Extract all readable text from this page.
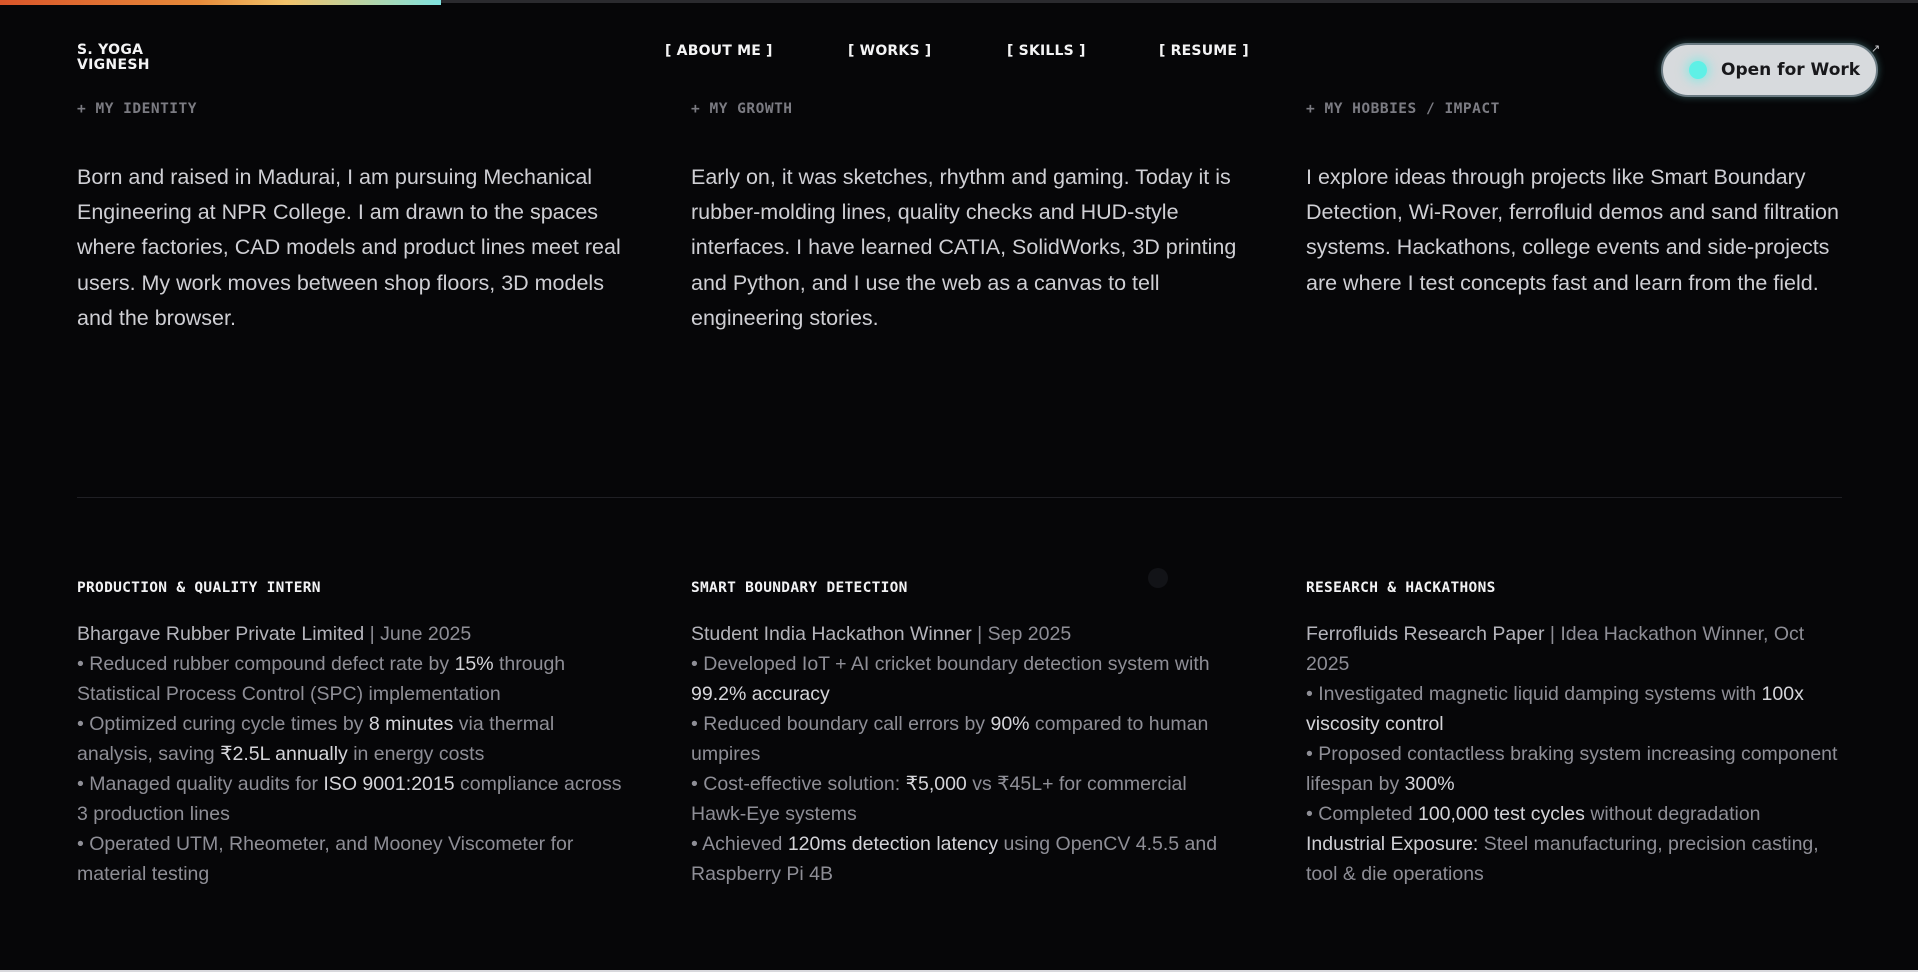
S. YOGA
VIGNESH
[ ABOUT ME ]	[ WORKS ]	[ SKILLS ]	[ RESUME ]
Open for Work
↗
+ MY IDENTITY
Born and raised in Madurai, I am pursuing Mechanical Engineering at NPR College. I am drawn to the spaces where factories, CAD models and product lines meet real users. My work moves between shop floors, 3D models and the browser.
+ MY GROWTH
Early on, it was sketches, rhythm and gaming. Today it is rubber-molding lines, quality checks and HUD-style interfaces. I have learned CATIA, SolidWorks, 3D printing and Python, and I use the web as a canvas to tell engineering stories.
+ MY HOBBIES / IMPACT
I explore ideas through projects like Smart Boundary Detection, Wi-Rover, ferrofluid demos and sand filtration systems. Hackathons, college events and side-projects are where I test concepts fast and learn from the field.
PRODUCTION & QUALITY INTERN

Bhargave Rubber Private Limited | June 2025

• Reduced rubber compound defect rate by 15% through Statistical Process Control (SPC) implementation

• Optimized curing cycle times by 8 minutes via thermal analysis, saving ₹2.5L annually in energy costs

• Managed quality audits for ISO 9001:2015 compliance across 3 production lines

• Operated UTM, Rheometer, and Mooney Viscometer for material testing

SMART BOUNDARY DETECTION

Student India Hackathon Winner | Sep 2025

• Developed IoT + AI cricket boundary detection system with 99.2% accuracy

• Reduced boundary call errors by 90% compared to human umpires

• Cost-effective solution: ₹5,000 vs ₹45L+ for commercial Hawk-Eye systems

• Achieved 120ms detection latency using OpenCV 4.5.5 and Raspberry Pi 4B

RESEARCH & HACKATHONS

Ferrofluids Research Paper | Idea Hackathon Winner, Oct 2025

• Investigated magnetic liquid damping systems with 100x viscosity control

• Proposed contactless braking system increasing component lifespan by 300%

• Completed 100,000 test cycles without degradation

Industrial Exposure: Steel manufacturing, precision casting, tool & die operations
